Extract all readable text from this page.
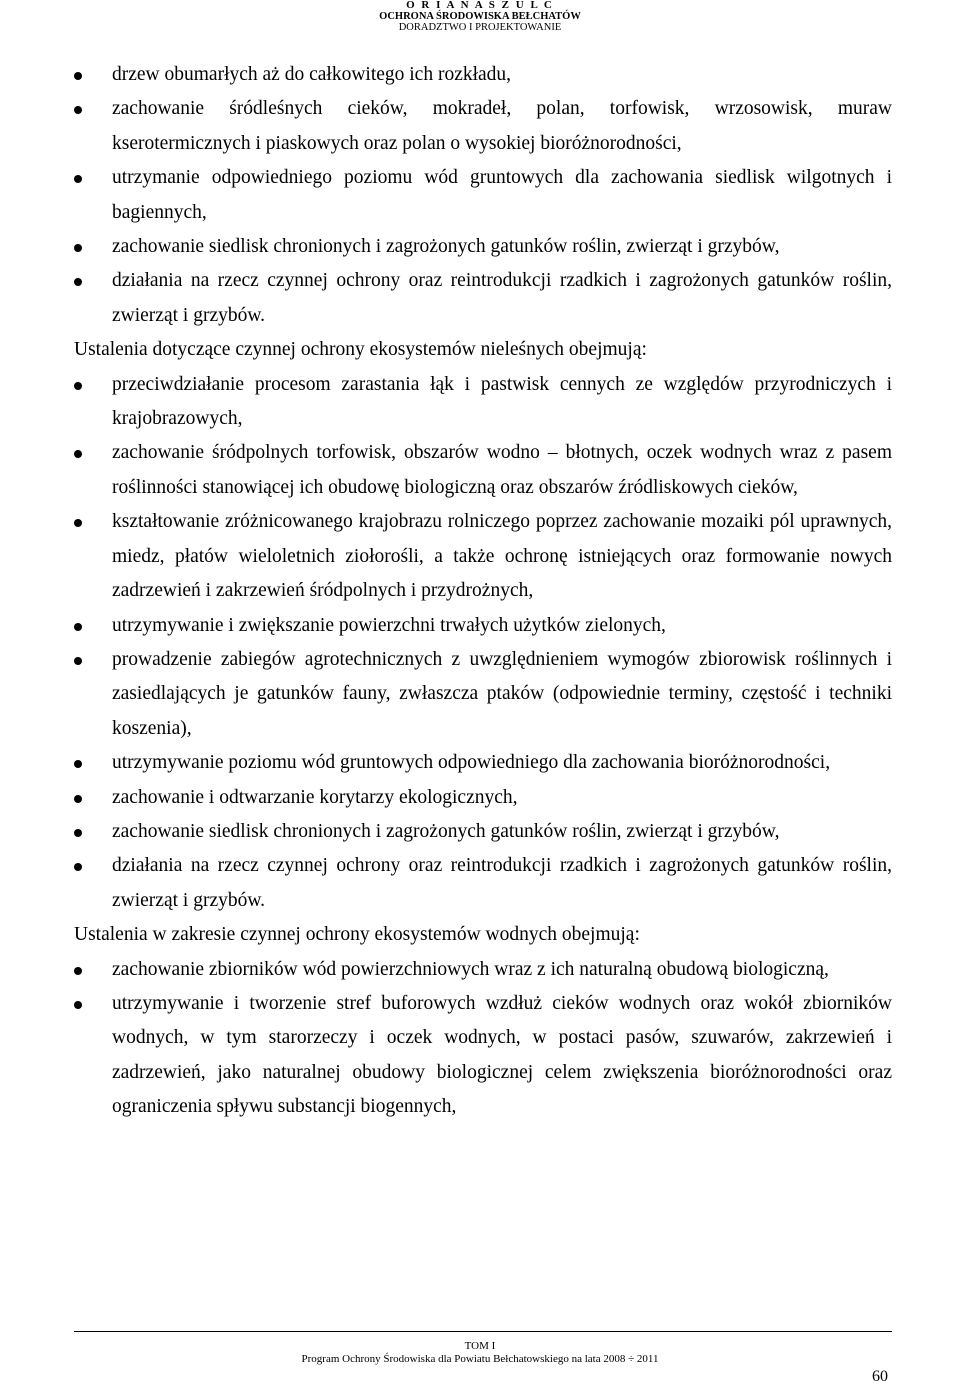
O R I A N A S Z U L C
OCHRONA ŚRODOWISKA BEŁCHATÓW
DORADZTWO I PROJEKTOWANIE
drzew obumarłych aż do całkowitego ich rozkładu,
zachowanie śródleśnych cieków, mokradeł, polan, torfowisk, wrzosowisk, muraw kserotermicznych i piaskowych oraz polan o wysokiej bioróżnorodności,
utrzymanie odpowiedniego poziomu wód gruntowych dla zachowania siedlisk wilgotnych i bagiennych,
zachowanie siedlisk chronionych i zagrożonych gatunków roślin, zwierząt i grzybów,
działania na rzecz czynnej ochrony oraz reintrodukcji rzadkich i zagrożonych gatunków roślin, zwierząt i grzybów.

Ustalenia dotyczące czynnej ochrony ekosystemów nieleśnych obejmują:

przeciwdziałanie procesom zarastania łąk i pastwisk cennych ze względów przyrodniczych i krajobrazowych,
zachowanie śródpolnych torfowisk, obszarów wodno – błotnych, oczek wodnych wraz z pasem roślinności stanowiącej ich obudowę biologiczną oraz obszarów źródliskowych cieków,
kształtowanie zróżnicowanego krajobrazu rolniczego poprzez zachowanie mozaiki pól uprawnych, miedz, płatów wieloletnich ziołorośli, a także ochronę istniejących oraz formowanie nowych zadrzewień i zakrzewień śródpolnych i przydrożnych,
utrzymywanie i zwiększanie powierzchni trwałych użytków zielonych,
prowadzenie zabiegów agrotechnicznych z uwzględnieniem wymogów zbiorowisk roślinnych i zasiedlających je gatunków fauny, zwłaszcza ptaków (odpowiednie terminy, częstość i techniki koszenia),
utrzymywanie poziomu wód gruntowych odpowiedniego dla zachowania bioróżnorodności,
zachowanie i odtwarzanie korytarzy ekologicznych,
zachowanie siedlisk chronionych i zagrożonych gatunków roślin, zwierząt i grzybów,
działania na rzecz czynnej ochrony oraz reintrodukcji rzadkich i zagrożonych gatunków roślin, zwierząt i grzybów.

Ustalenia w zakresie czynnej ochrony ekosystemów wodnych obejmują:

zachowanie zbiorników wód powierzchniowych wraz z ich naturalną obudową biologiczną,
utrzymywanie i tworzenie stref buforowych wzdłuż cieków wodnych oraz wokół zbiorników wodnych, w tym starorzeczy i oczek wodnych, w postaci pasów, szuwarów, zakrzewień i zadrzewień, jako naturalnej obudowy biologicznej celem zwiększenia bioróżnorodności oraz ograniczenia spływu substancji biogennych,
TOM I
Program Ochrony Środowiska dla Powiatu Bełchatowskiego na lata 2008 ÷ 2011
60
